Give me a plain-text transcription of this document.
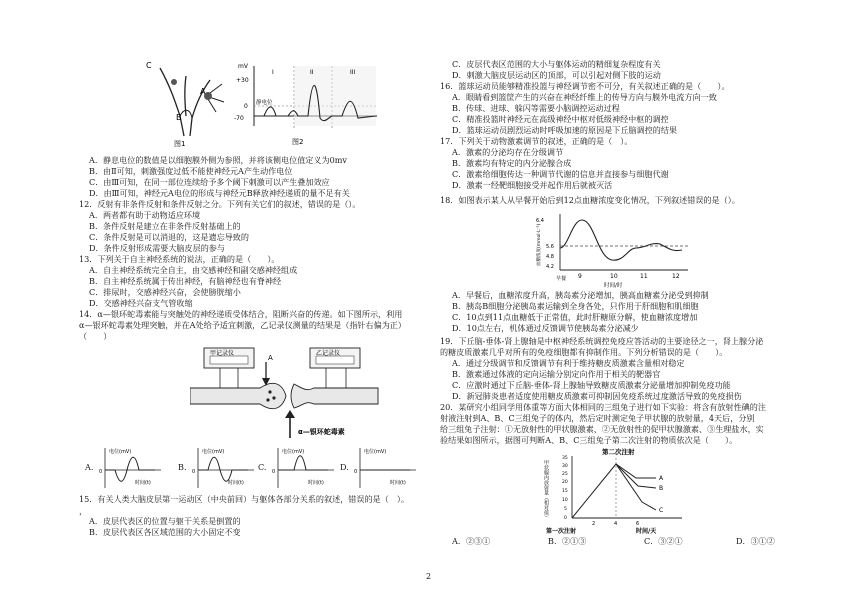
C
A
B
图1
mV
+30
0
-70
静电位
I	II	III
图2
A．静息电位的数值是以细胞膜外侧为参照，并将该侧电位值定义为0mv
B．由Ⅱ可知，刺激强度过低不能使神经元A产生动作电位
C．由Ⅲ可知，在同一部位连续给予多个阈下刺激可以产生叠加效应
D．由Ⅲ可知，神经元A电位的形成与神经元B释放神经递质的量不足有关
12．反射有非条件反射和条件反射之分。下列有关它们的叙述，错误的是（）。
A．两者都有助于动物适应环境
B．条件反射是建立在非条件反射基础上的
C．条件反射是可以消退的，这是遗忘导致的
D．条件反射形成需要大脑皮层的参与
13．下列关于自主神经系统的说法，正确的是（　　）。
A．自主神经系统完全自主，由交感神经和副交感神经组成
B．自主神经系统属于传出神经，有脑神经也有脊神经
C．排尿时，交感神经兴奋，会使膀胱缩小
D．交感神经兴奋支气管收缩
14．α—银环蛇毒素能与突触处的神经递质受体结合，阻断兴奋的传递。如下图所示，利用
α—银环蛇毒素处理突触，并在A处给予适宜刺激，乙记录仪测量的结果是（指针右偏为正）
（　　）
甲记录仪	乙记录仪
A
α—银环蛇毒素
A.
电位(mV)
0
时间(t)
B.
电位(mV)
0
时间(t)
C.
电位(mV)
0
时间(t)
D.
电位(mV)
0
时间(t)
15．有关人类大脑皮层第一运动区（中央前回）与躯体各部分关系的叙述，错误的是（　）。
，
A．皮层代表区的位置与躯干关系是倒置的
B．皮层代表区各区域范围的大小固定不变
C．皮层代表区范围的大小与躯体运动的精细复杂程度有关
D．刺激大脑皮层运动区的顶部，可以引起对侧下肢的运动
16．篮球运动员能够精准投篮与神经调节密不可分，有关叙述正确的是（　　）。
A．眼睛看到篮筐产生的兴奋在神经纤维上的传导方向与膜外电流方向一致
B．传球、进球、躲闪等需要小脑调控运动过程
C．精准投篮时神经元在高级神经中枢对低级神经中枢的调控
D．篮球运动员剧烈运动时呼吸加速的原因是下丘脑调控的结果
17．下列关于动物激素调节的叙述，正确的是（　）。
A．激素的分泌均存在分级调节
B．激素均有特定的内分泌腺合成
C．激素给细胞传达一种调节代谢的信息并直接参与细胞代谢
D．激素一经靶细胞接受并起作用后就被灭活
18．如图表示某人从早餐开始后到12点血糖浓度变化情况，下列叙述错误的是（）。
6.4
5.6
4.8
4.2
血糖浓度(mmol·L⁻¹)
9	10	11	12
早餐
时间/时
A．早餐后，血糖浓度升高，胰岛素分泌增加，胰高血糖素分泌受到抑制
B．胰岛B细胞分泌胰岛素运输到全身各处，只作用于肝细胞和肌细胞
C．10点到11点血糖低于正常值，此时肝糖原分解，使血糖浓度增加
D．10点左右，机体通过反馈调节使胰岛素分泌减少
19．下丘脑-垂体-肾上腺轴是中枢神经系统调控免疫应答活动的主要途径之一，肾上腺分泌
的糖皮质激素几乎对所有的免疫细胞都有抑制作用。下列分析错误的是（　　）。
A．通过分级调节和反馈调节有利于维持糖皮质激素含量相对稳定
B．激素通过体液的定向运输分别定向作用于相关的靶器官
C．应激时通过下丘脑-垂体-肾上腺轴导致糖皮质激素分泌量增加抑制免疫功能
D．新冠肺炎患者适度使用糖皮质激素可抑制因免疫系统过度激活导致的免疫损伤
20．某研究小组同学用体重等方面大体相同的三组兔子进行如下实验：将含有放射性碘的注
射液注射到A、B、C三组兔子的体内，然后定时测定兔子甲状腺的放射量，4天后，分别
给三组兔子注射：①无放射性的甲状腺激素、②无放射性的促甲状腺激素、③生理盐水，实
验结果如图所示，据图可判断A、B、C三组兔子第二次注射的物质依次是（　　）。
第二次注射
A
B
C
35
30
25
20
15
10
5
0
甲状腺内放射量（相对值）
2	4	6
第一次注射	时间/天
A．②③①	B．②①③	C．③②①	D．③①②
2
